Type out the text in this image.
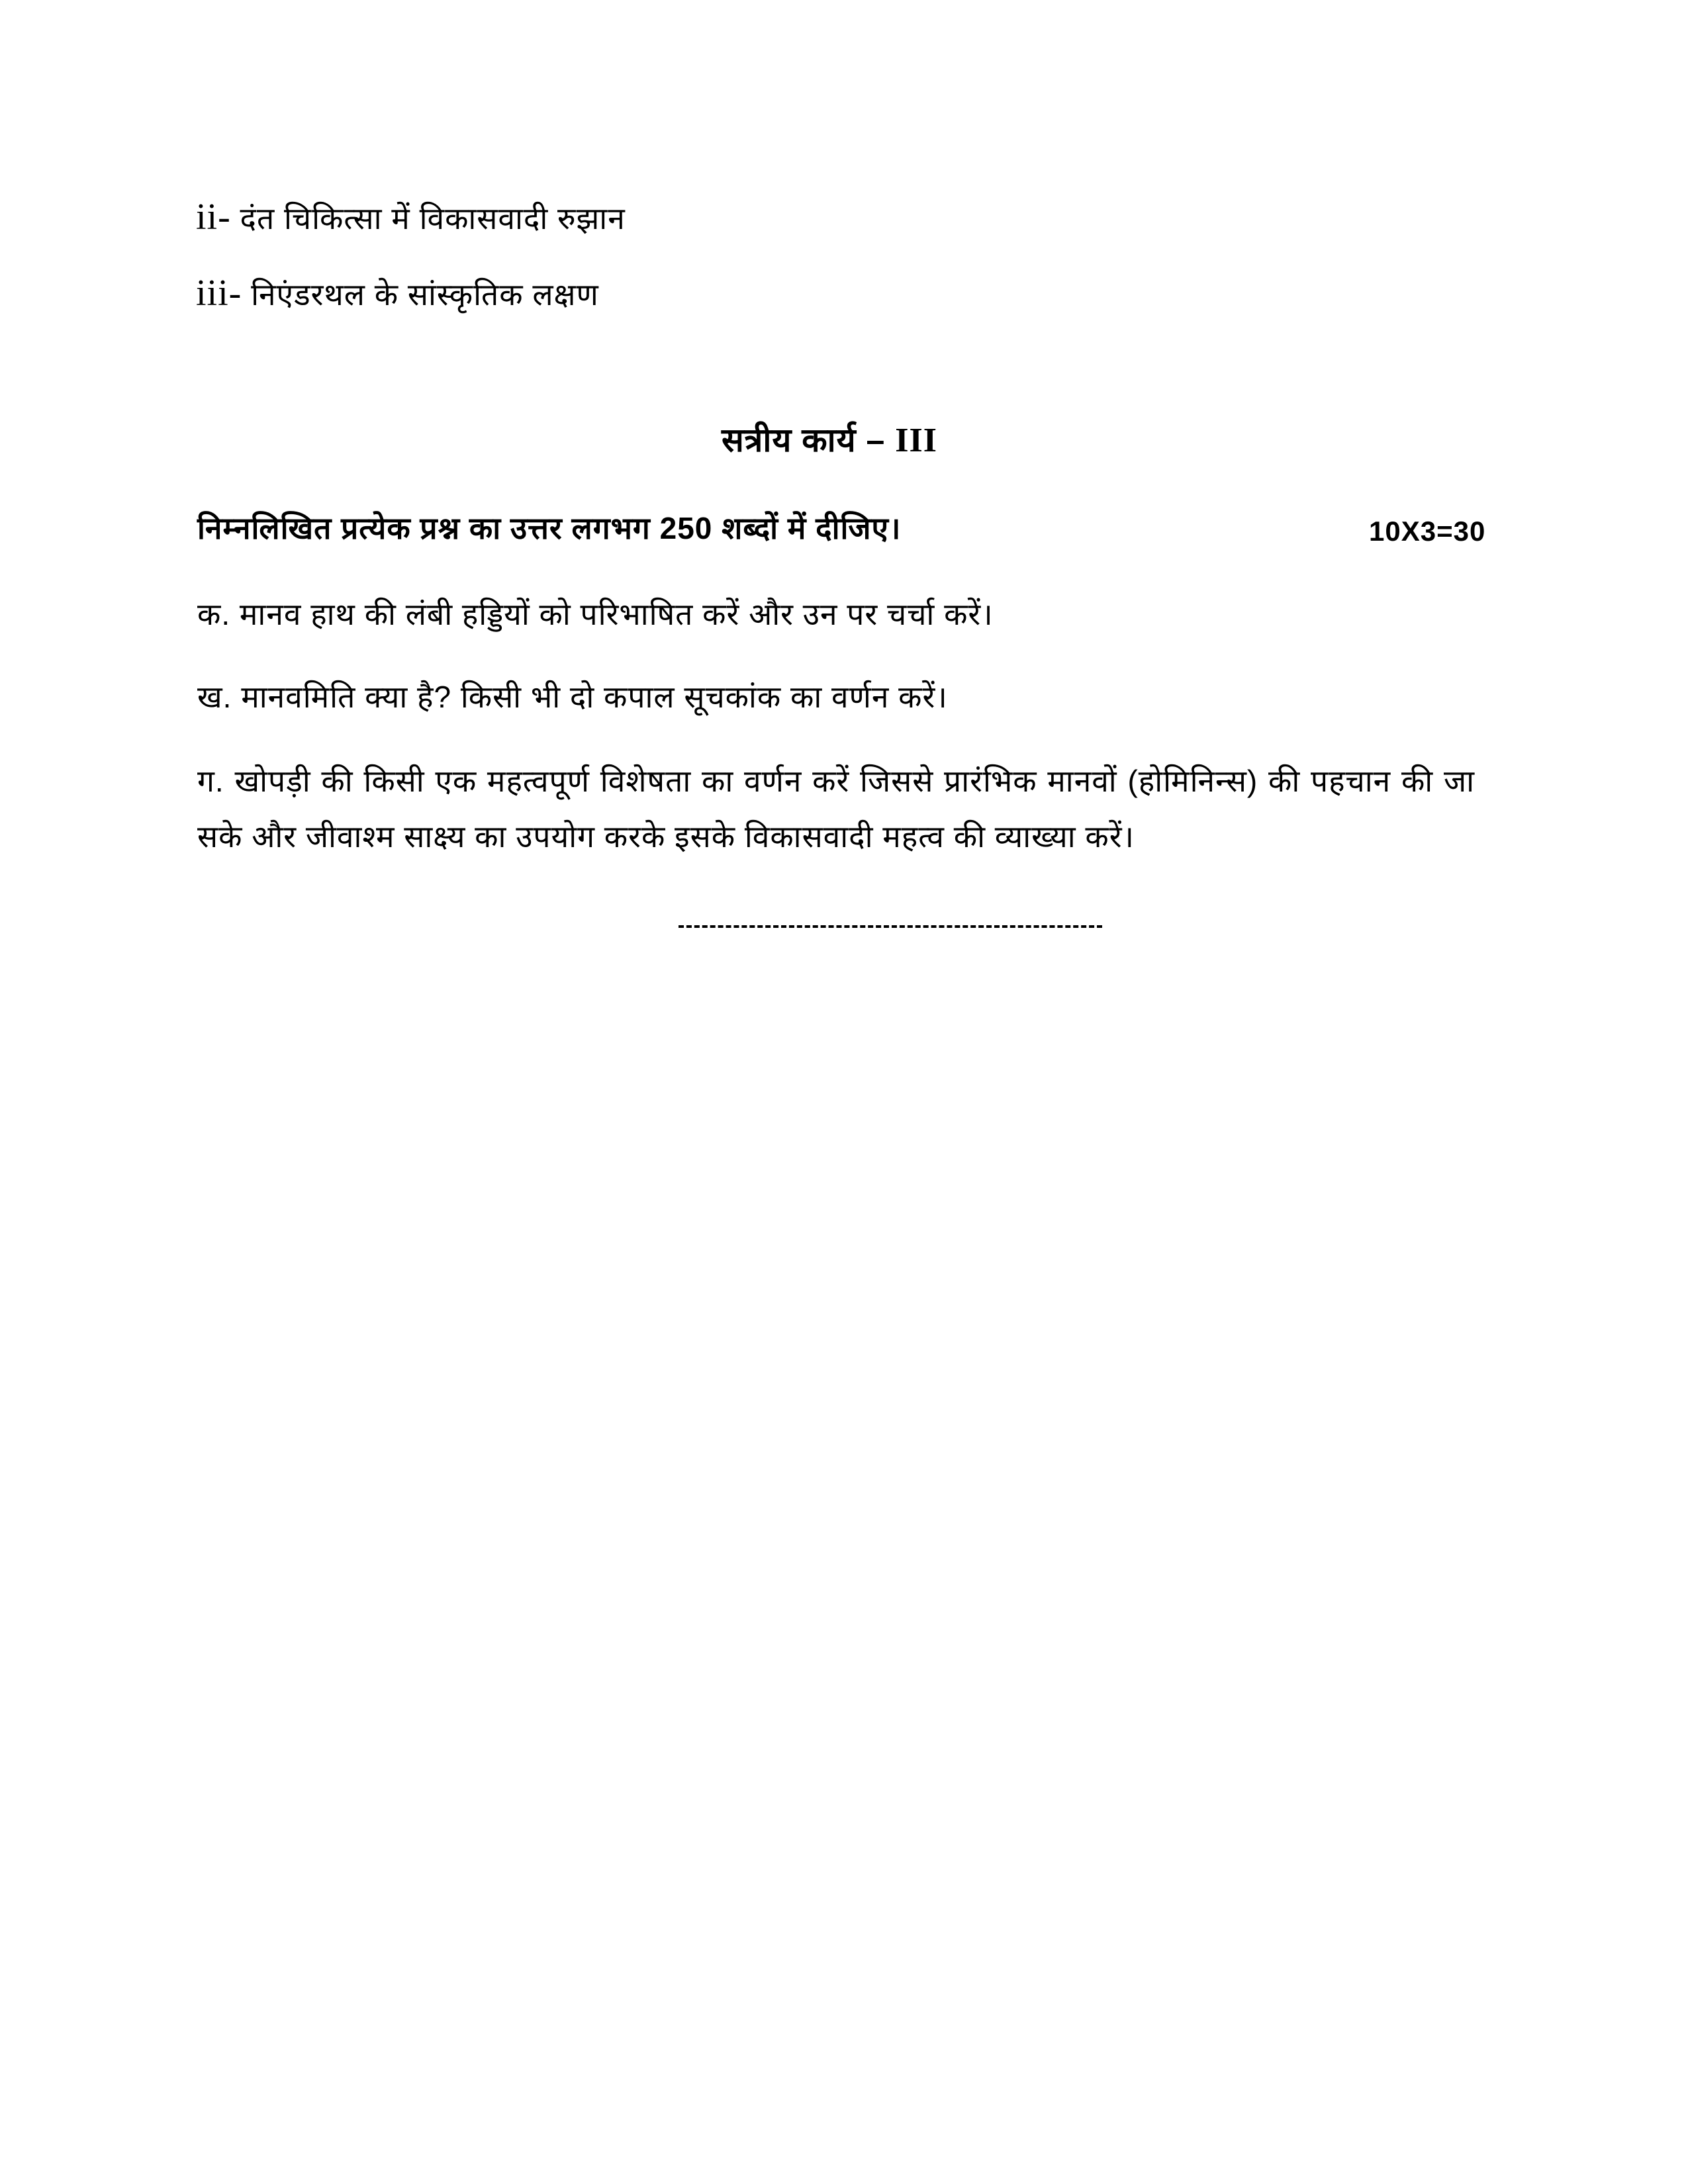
ii- दंत चिकित्सा में विकासवादी रुझान
iii- निएंडरथल के सांस्कृतिक लक्षण
सत्रीय कार्य – III
निम्नलिखित प्रत्येक प्रश्न का उत्तर लगभग 250 शब्दों में दीजिए।	10X3=30
क. मानव हाथ की लंबी हड्डियों को परिभाषित करें और उन पर चर्चा करें।
ख. मानवमिति क्या है? किसी भी दो कपाल सूचकांक का वर्णन करें।
ग. खोपड़ी की किसी एक महत्वपूर्ण विशेषता का वर्णन करें जिससे प्रारंभिक मानवों (होमिनिन्स) की पहचान की जा सके और जीवाश्म साक्ष्य का उपयोग करके इसके विकासवादी महत्व की व्याख्या करें।
